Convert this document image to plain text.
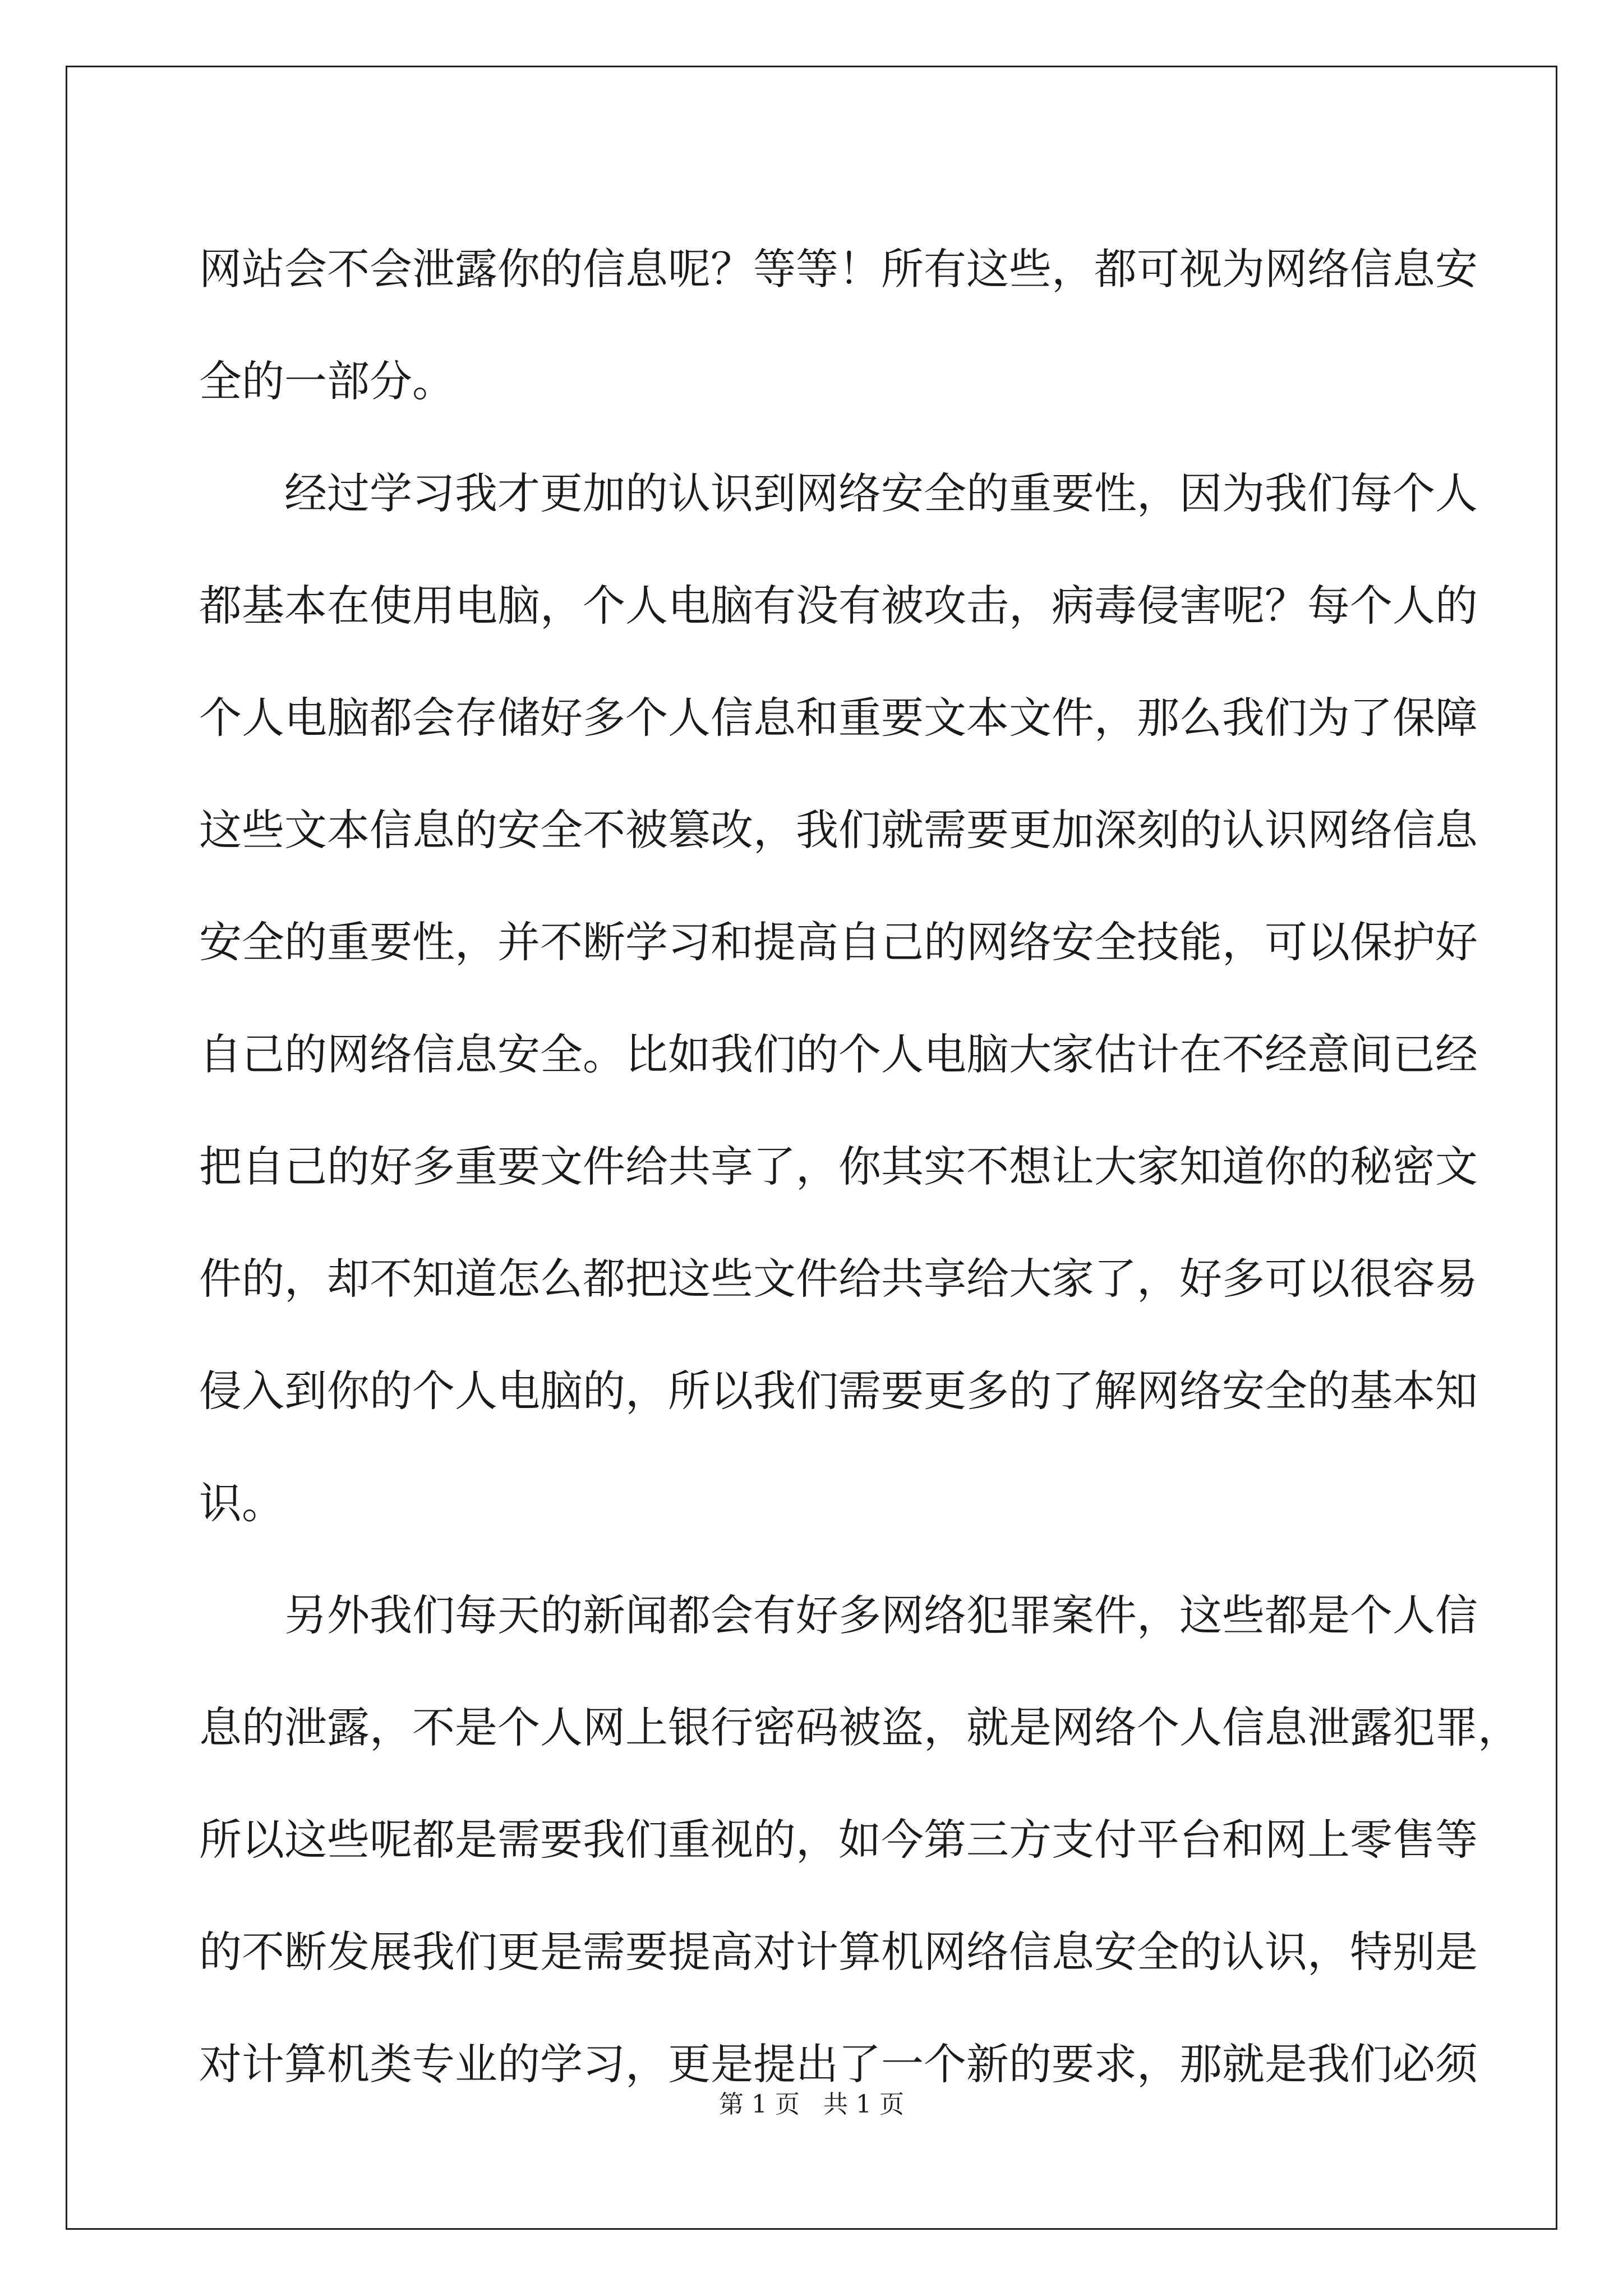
网站会不会泄露你的信息呢？等等！所有这些，都可视为网络信息安
全的一部分。
经过学习我才更加的认识到网络安全的重要性，因为我们每个人
都基本在使用电脑，个人电脑有没有被攻击，病毒侵害呢？每个人的
个人电脑都会存储好多个人信息和重要文本文件，那么我们为了保障
这些文本信息的安全不被篡改，我们就需要更加深刻的认识网络信息
安全的重要性，并不断学习和提高自己的网络安全技能，可以保护好
自己的网络信息安全。比如我们的个人电脑大家估计在不经意间已经
把自己的好多重要文件给共享了，你其实不想让大家知道你的秘密文
件的，却不知道怎么都把这些文件给共享给大家了，好多可以很容易
侵入到你的个人电脑的，所以我们需要更多的了解网络安全的基本知
识。
另外我们每天的新闻都会有好多网络犯罪案件，这些都是个人信
息的泄露，不是个人网上银行密码被盗，就是网络个人信息泄露犯罪，
所以这些呢都是需要我们重视的，如今第三方支付平台和网上零售等
的不断发展我们更是需要提高对计算机网络信息安全的认识，特别是
对计算机类专业的学习，更是提出了一个新的要求，那就是我们必须
第 1 页   共 1 页
